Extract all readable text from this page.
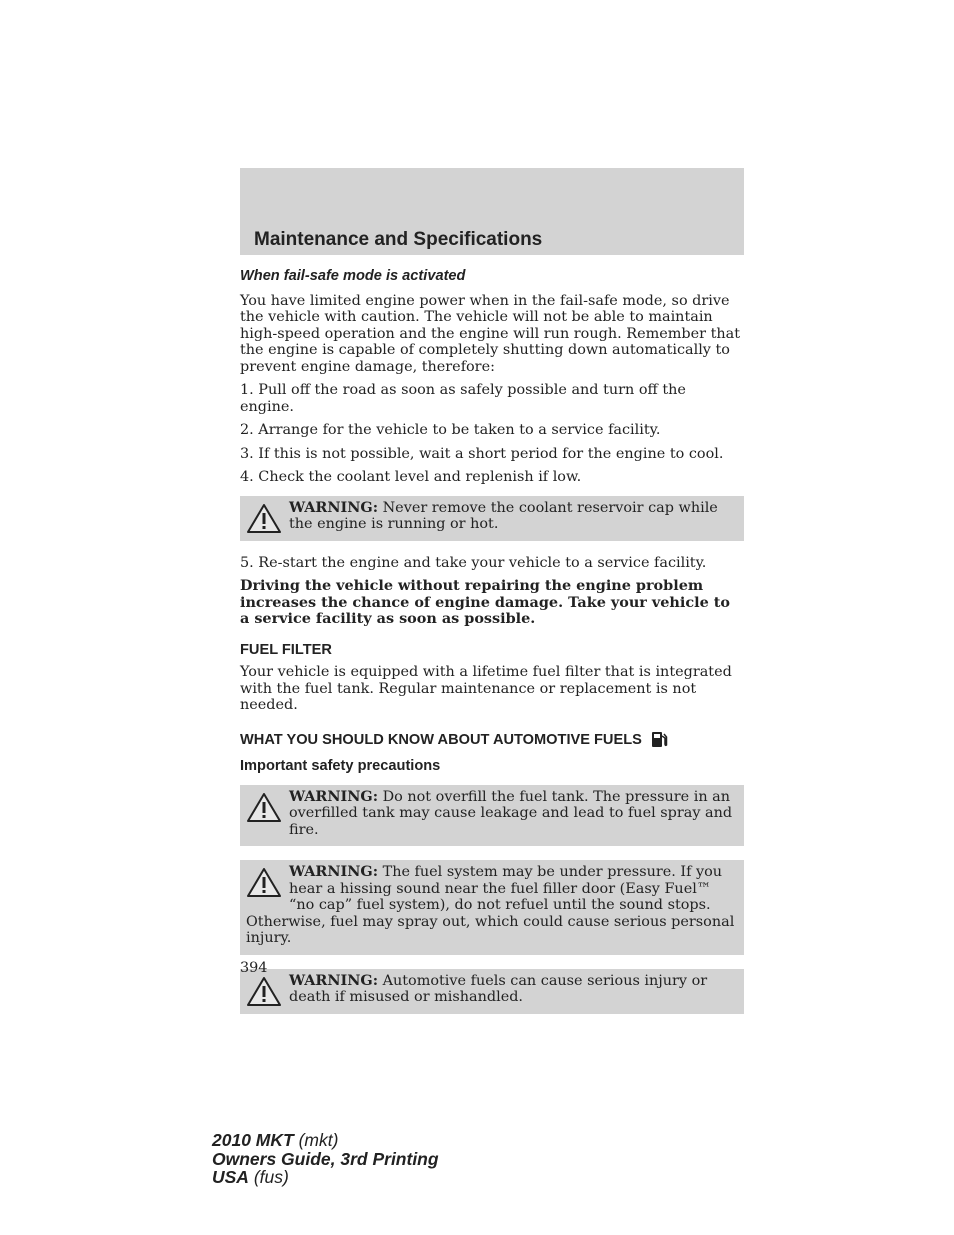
Maintenance and Specifications
When fail-safe mode is activated

You have limited engine power when in the fail-safe mode, so drive the vehicle with caution. The vehicle will not be able to maintain high-speed operation and the engine will run rough. Remember that the engine is capable of completely shutting down automatically to prevent engine damage, therefore:

1. Pull off the road as soon as safely possible and turn off the engine.

2. Arrange for the vehicle to be taken to a service facility.

3. If this is not possible, wait a short period for the engine to cool.

4. Check the coolant level and replenish if low.

WARNING: Never remove the coolant reservoir cap while the engine is running or hot.

5. Re-start the engine and take your vehicle to a service facility.

Driving the vehicle without repairing the engine problem increases the chance of engine damage. Take your vehicle to a service facility as soon as possible.

FUEL FILTER

Your vehicle is equipped with a lifetime fuel filter that is integrated with the fuel tank. Regular maintenance or replacement is not needed.

WHAT YOU SHOULD KNOW ABOUT AUTOMOTIVE FUELS
Important safety precautions
WARNING: Do not overfill the fuel tank. The pressure in an overfilled tank may cause leakage and lead to fuel spray and fire.
WARNING: The fuel system may be under pressure. If you hear a hissing sound near the fuel filler door (Easy Fuel™ “no cap” fuel system), do not refuel until the sound stops. Otherwise, fuel may spray out, which could cause serious personal injury.
WARNING: Automotive fuels can cause serious injury or death if misused or mishandled.
394
2010 MKT (mkt)
Owners Guide, 3rd Printing
USA (fus)
